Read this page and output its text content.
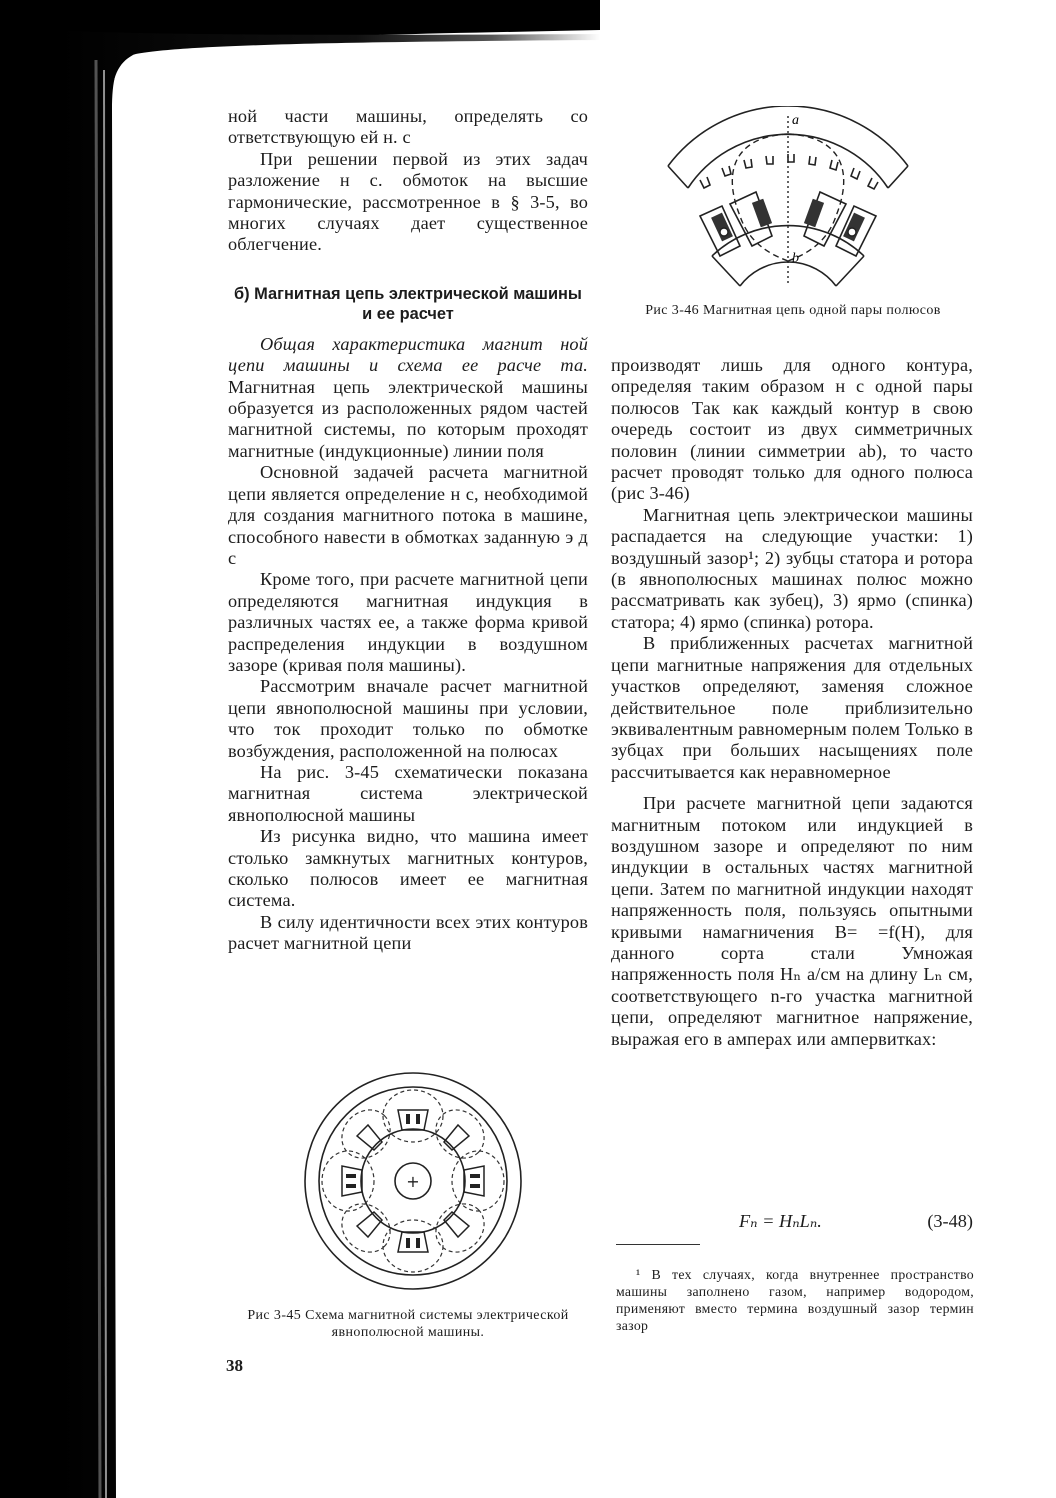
ной части машины, определять со ответствующую ей н. с

При решении первой из этих задач разложение н с. обмоток на высшие гармонические, рассмотренное в § 3-5, во многих случаях дает существенное облегчение.

б) Магнитная цепь электрической машины и ее расчет

Общая характеристика магнит ной цепи машины и схема ее расче та. Магнитная цепь электрической машины образуется из расположенных рядом частей магнитной системы, по которым проходят магнитные (индукционные) линии поля

Основной задачей расчета магнитной цепи является определение н с, необходимой для создания магнитного потока в машине, способного навести в обмотках заданную э д с

Кроме того, при расчете магнитной цепи определяются магнитная индукция в различных частях ее, а также форма кривой распределения индукции в воздушном зазоре (кривая поля машины).

Рассмотрим вначале расчет магнитной цепи явнополюсной машины при условии, что ток проходит только по обмотке возбуждения, расположенной на полюсах

На рис. 3-45 схематически показана магнитная система электрической явнополюсной машины

Из рисунка видно, что машина имеет столько замкнутых магнитных контуров, сколько полюсов имеет ее магнитная система.

В силу идентичности всех этих контуров расчет магнитной цепи

a
b
Рис 3-46 Магнитная цепь одной пары полюсов

производят лишь для одного контура, определяя таким образом н с одной пары полюсов Так как каждый контур в свою очередь состоит из двух симметричных половин (линии симметрии ab), то часто расчет проводят только для одного полюса (рис 3-46)

Магнитная цепь электрическои машины распадается на следующие участки: 1) воздушный зазор¹; 2) зубцы статора и ротора (в явнополюсных машинах полюс можно рассматривать как зубец), 3) ярмо (спинка) статора; 4) ярмо (спинка) ротора.

В приближенных расчетах магнитной цепи магнитные напряжения для отдельных участков определяют, заменяя сложное действительное поле приблизительно эквивалентным равномерным полем Только в зубцах при больших насыщениях поле рассчитывается как неравномерное

При расчете магнитной цепи задаются магнитным потоком или индукцией в воздушном зазоре и определяют по ним индукции в остальных частях магнитной цепи. Затем по магнитной индукции находят напряженность поля, пользуясь опытными кривыми намагничения B= =f(H), для данного сорта стали Умножая напряженность поля Hₙ а/см на длину Lₙ см, соответствующего n-го участка магнитной цепи, определяют магнитное напряжение, выражая его в амперах или ампервитках:

Fₙ = HₙLₙ.	(3-48)

¹ В тех случаях, когда внутреннее пространство машины заполнено газом, например водородом, применяют вместо термина воздушный зазор термин зазор

+
Рис 3-45 Схема магнитной системы электрической явнополюсной машины.
38
